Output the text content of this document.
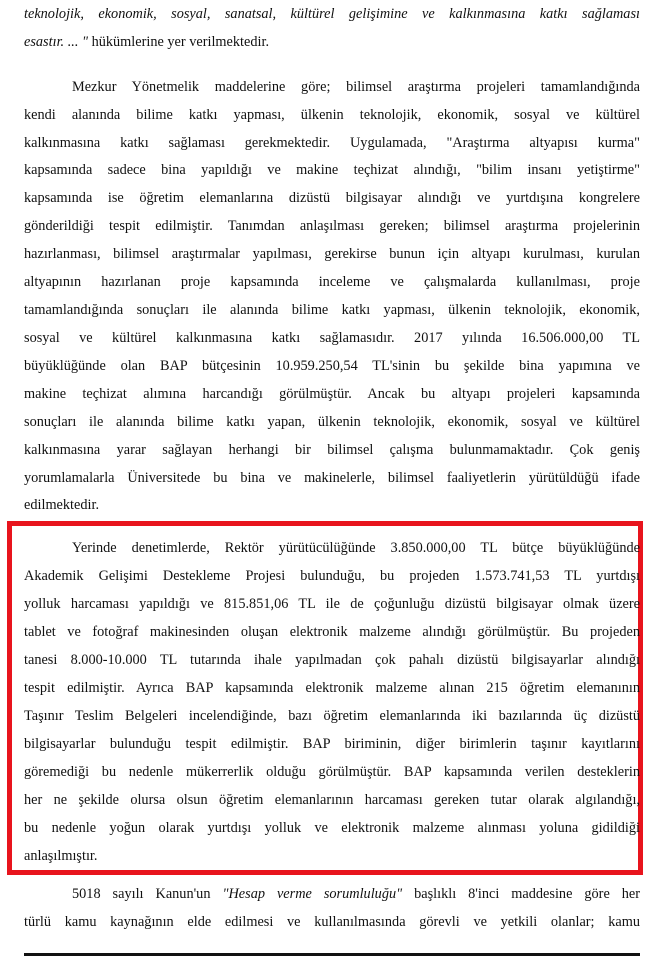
teknolojik, ekonomik, sosyal, sanatsal, kültürel gelişimine ve kalkınmasına katkı sağlaması

esastır. ... " hükümlerine yer verilmektedir.

Mezkur Yönetmelik maddelerine göre; bilimsel araştırma projeleri tamamlandığında

kendi alanında bilime katkı yapması, ülkenin teknolojik, ekonomik, sosyal ve kültürel

kalkınmasına katkı sağlaması gerekmektedir. Uygulamada, "Araştırma altyapısı kurma"

kapsamında sadece bina yapıldığı ve makine teçhizat alındığı, "bilim insanı yetiştirme"

kapsamında ise öğretim elemanlarına dizüstü bilgisayar alındığı ve yurtdışına kongrelere

gönderildiği tespit edilmiştir. Tanımdan anlaşılması gereken; bilimsel araştırma projelerinin

hazırlanması, bilimsel araştırmalar yapılması, gerekirse bunun için altyapı kurulması, kurulan

altyapının hazırlanan proje kapsamında inceleme ve çalışmalarda kullanılması, proje

tamamlandığında sonuçları ile alanında bilime katkı yapması, ülkenin teknolojik, ekonomik,

sosyal ve kültürel kalkınmasına katkı sağlamasıdır. 2017 yılında 16.506.000,00 TL

büyüklüğünde olan BAP bütçesinin 10.959.250,54 TL'sinin bu şekilde bina yapımına ve

makine teçhizat alımına harcandığı görülmüştür. Ancak bu altyapı projeleri kapsamında

sonuçları ile alanında bilime katkı yapan, ülkenin teknolojik, ekonomik, sosyal ve kültürel

kalkınmasına yarar sağlayan herhangi bir bilimsel çalışma bulunmamaktadır. Çok geniş

yorumlamalarla Üniversitede bu bina ve makinelerle, bilimsel faaliyetlerin yürütüldüğü ifade

edilmektedir.

Yerinde denetimlerde, Rektör yürütücülüğünde 3.850.000,00 TL bütçe büyüklüğünde

Akademik Gelişimi Destekleme Projesi bulunduğu, bu projeden 1.573.741,53 TL yurtdışı

yolluk harcaması yapıldığı ve 815.851,06 TL ile de çoğunluğu dizüstü bilgisayar olmak üzere

tablet ve fotoğraf makinesinden oluşan elektronik malzeme alındığı görülmüştür. Bu projeden

tanesi 8.000-10.000 TL tutarında ihale yapılmadan çok pahalı dizüstü bilgisayarlar alındığı

tespit edilmiştir. Ayrıca BAP kapsamında elektronik malzeme alınan 215 öğretim elemanının

Taşınır Teslim Belgeleri incelendiğinde, bazı öğretim elemanlarında iki bazılarında üç dizüstü

bilgisayarlar bulunduğu tespit edilmiştir. BAP biriminin, diğer birimlerin taşınır kayıtlarını

göremediği bu nedenle mükerrerlik olduğu görülmüştür. BAP kapsamında verilen desteklerin

her ne şekilde olursa olsun öğretim elemanlarının harcaması gereken tutar olarak algılandığı,

bu nedenle yoğun olarak yurtdışı yolluk ve elektronik malzeme alınması yoluna gidildiği

anlaşılmıştır.

5018 sayılı Kanun'un "Hesap verme sorumluluğu" başlıklı 8'inci maddesine göre her

türlü kamu kaynağının elde edilmesi ve kullanılmasında görevli ve yetkili olanlar; kamu
